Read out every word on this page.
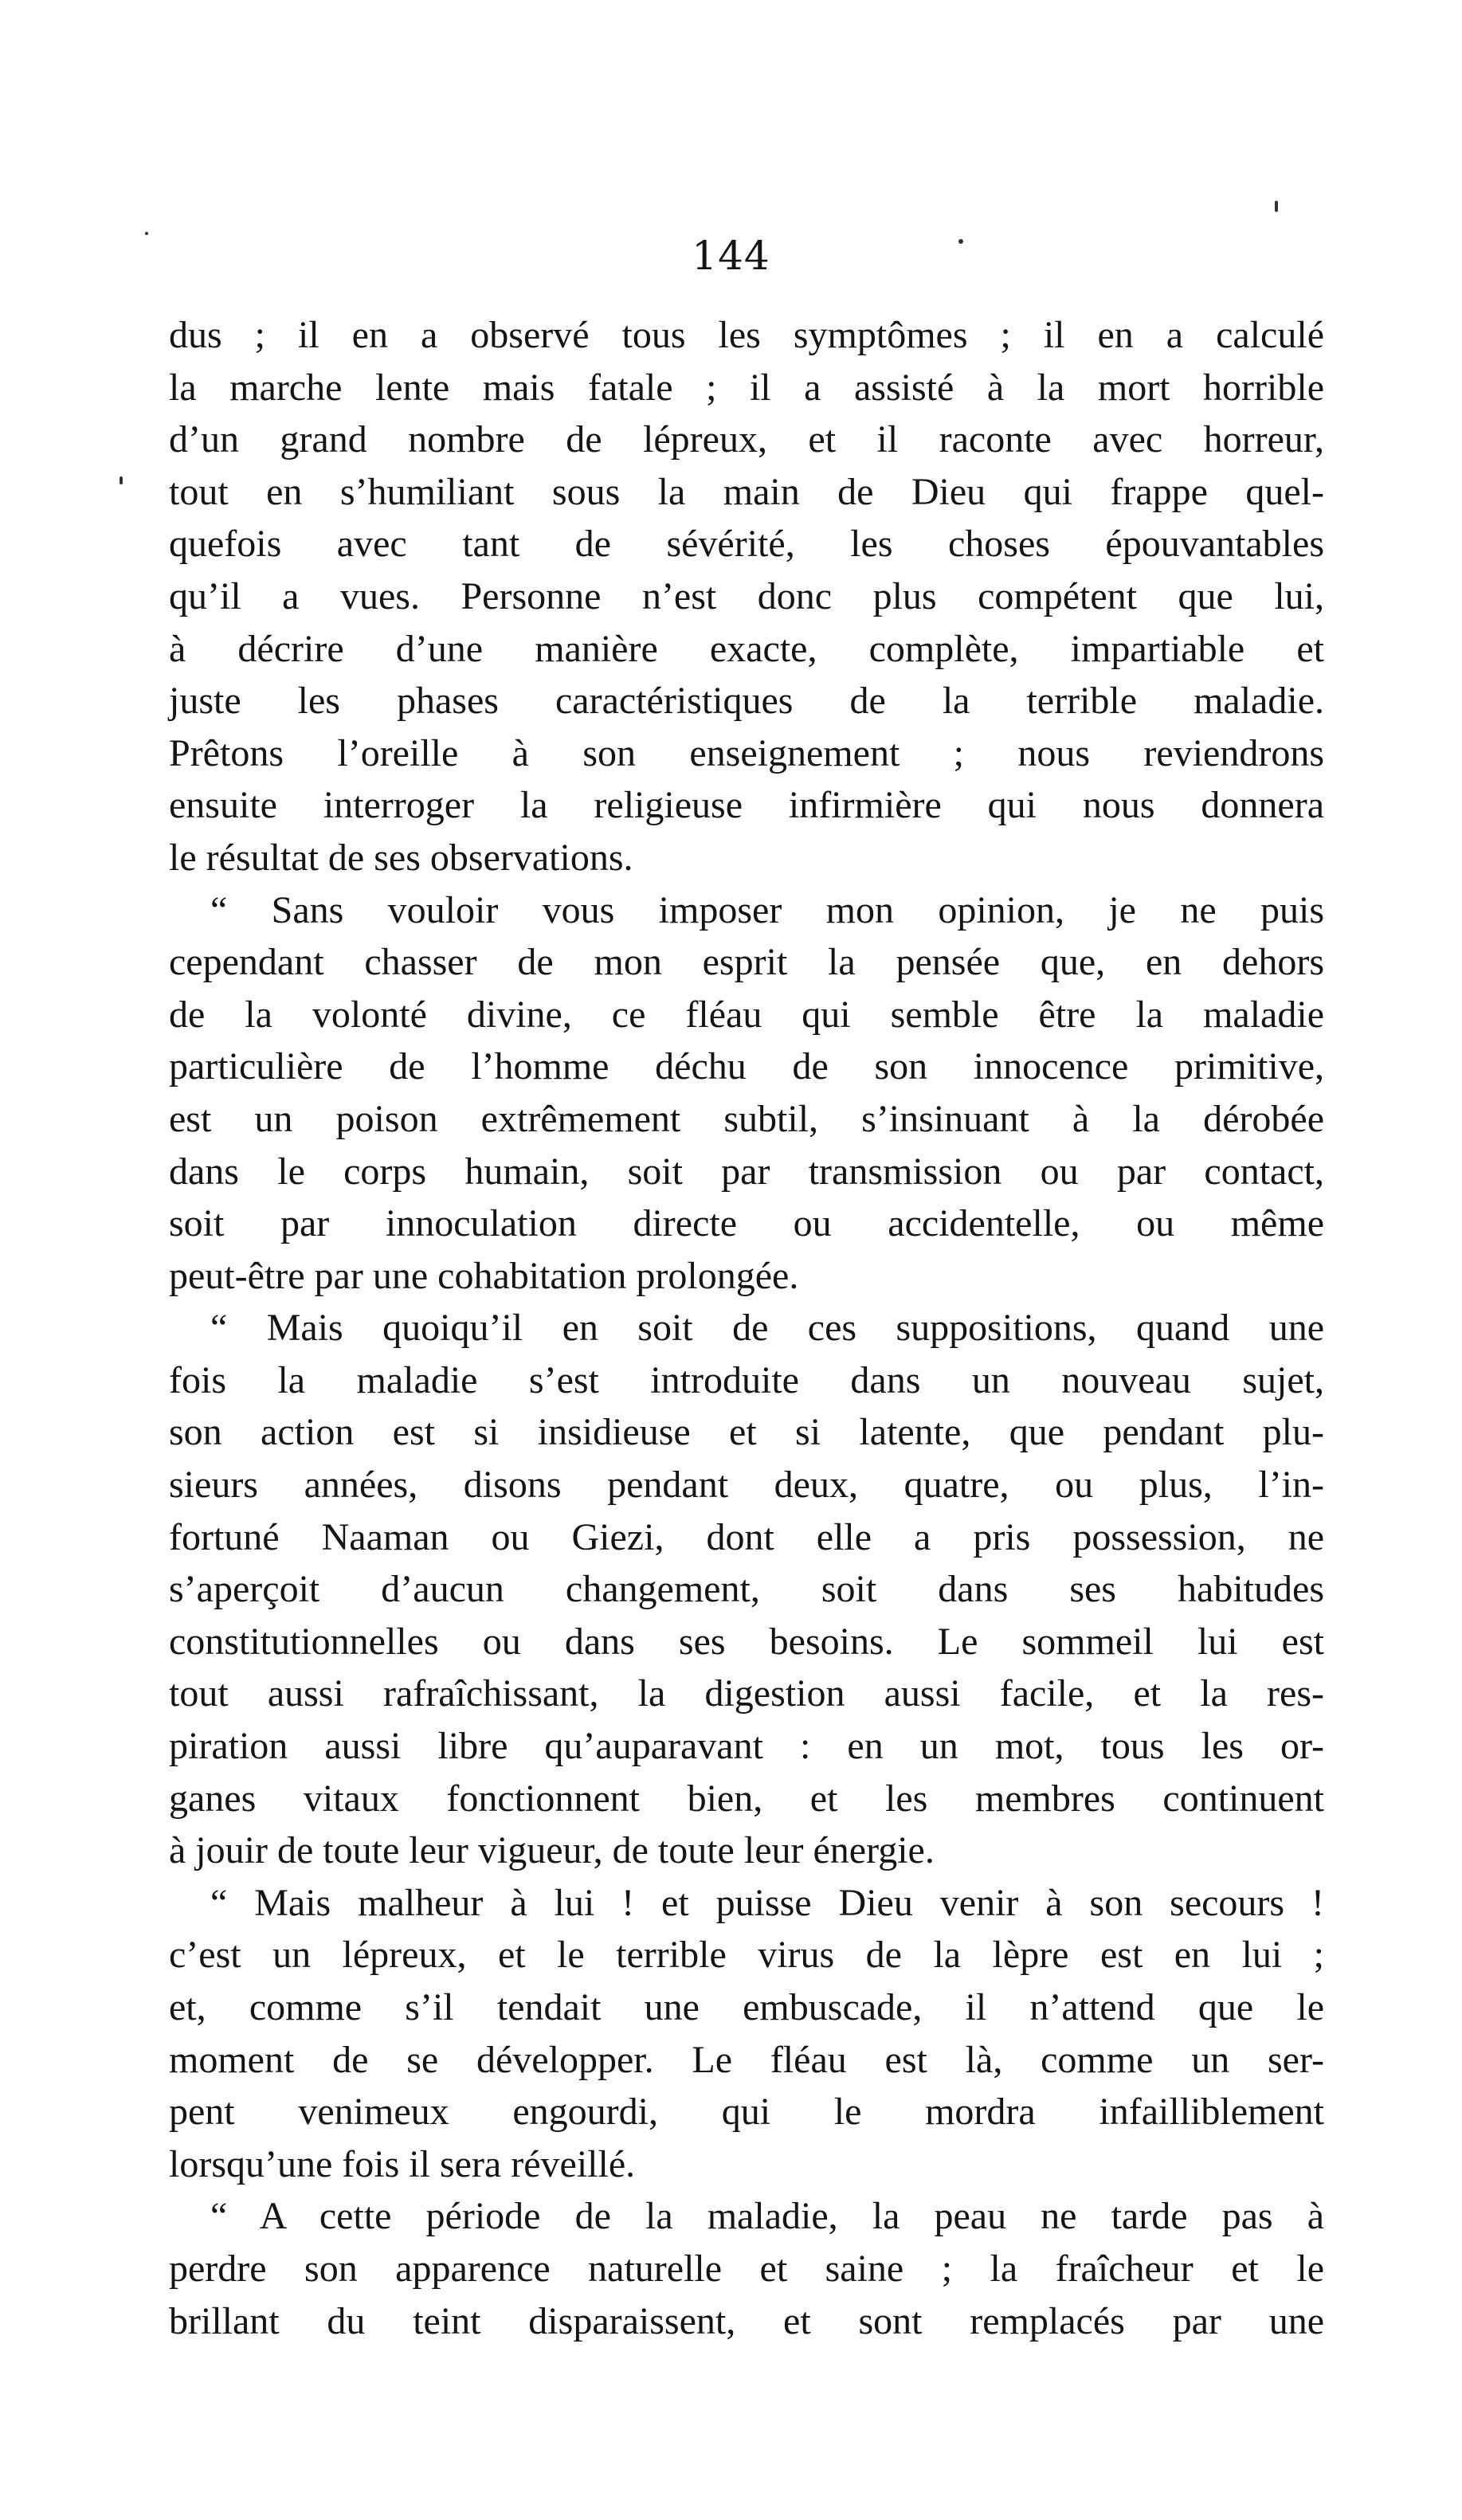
144
dus ; il en a observé tous les symptômes ; il en a calculé
la marche lente mais fatale ; il a assisté à la mort horrible
d’un grand nombre de lépreux, et il raconte avec horreur,
tout en s’humiliant sous la main de Dieu qui frappe quel-
quefois avec tant de sévérité, les choses épouvantables
qu’il a vues. Personne n’est donc plus compétent que lui,
à décrire d’une manière exacte, complète, impartiable et
juste les phases caractéristiques de la terrible maladie.
Prêtons l’oreille à son enseignement ; nous reviendrons
ensuite interroger la religieuse infirmière qui nous donnera
le résultat de ses observations.
“ Sans vouloir vous imposer mon opinion, je ne puis
cependant chasser de mon esprit la pensée que, en dehors
de la volonté divine, ce fléau qui semble être la maladie
particulière de l’homme déchu de son innocence primitive,
est un poison extrêmement subtil, s’insinuant à la dérobée
dans le corps humain, soit par transmission ou par contact,
soit par innoculation directe ou accidentelle, ou même
peut-être par une cohabitation prolongée.
“ Mais quoiqu’il en soit de ces suppositions, quand une
fois la maladie s’est introduite dans un nouveau sujet,
son action est si insidieuse et si latente, que pendant plu-
sieurs années, disons pendant deux, quatre, ou plus, l’in-
fortuné Naaman ou Giezi, dont elle a pris possession, ne
s’aperçoit d’aucun changement, soit dans ses habitudes
constitutionnelles ou dans ses besoins. Le sommeil lui est
tout aussi rafraîchissant, la digestion aussi facile, et la res-
piration aussi libre qu’auparavant : en un mot, tous les or-
ganes vitaux fonctionnent bien, et les membres continuent
à jouir de toute leur vigueur, de toute leur énergie.
“ Mais malheur à lui ! et puisse Dieu venir à son secours !
c’est un lépreux, et le terrible virus de la lèpre est en lui ;
et, comme s’il tendait une embuscade, il n’attend que le
moment de se développer. Le fléau est là, comme un ser-
pent venimeux engourdi, qui le mordra infailliblement
lorsqu’une fois il sera réveillé.
“ A cette période de la maladie, la peau ne tarde pas à
perdre son apparence naturelle et saine ; la fraîcheur et le
brillant du teint disparaissent, et sont remplacés par une
